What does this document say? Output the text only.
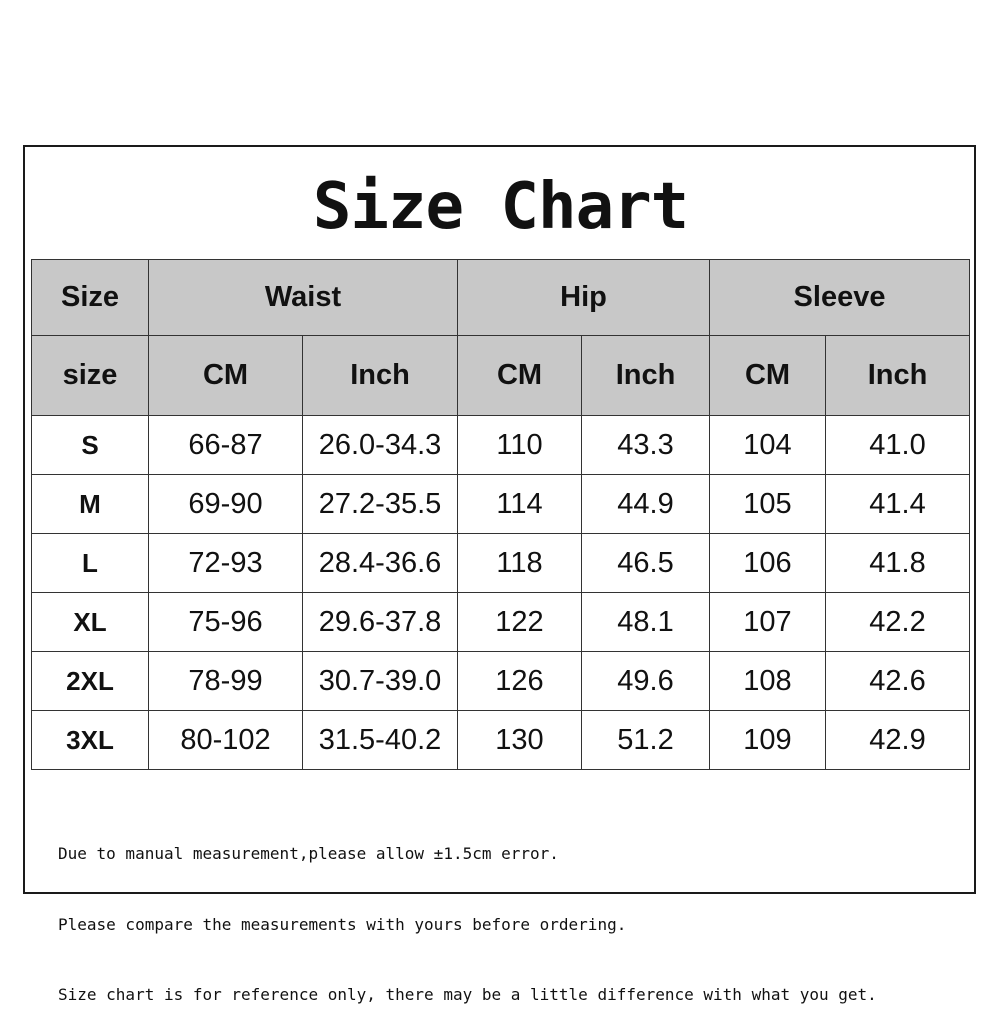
Size Chart
Size	Waist		Hip		Sleeve	
size	CM	Inch	CM	Inch	CM	Inch
S	66-87	26.0-34.3	110	43.3	104	41.0
M	69-90	27.2-35.5	114	44.9	105	41.4
L	72-93	28.4-36.6	118	46.5	106	41.8
XL	75-96	29.6-37.8	122	48.1	107	42.2
2XL	78-99	30.7-39.0	126	49.6	108	42.6
3XL	80-102	31.5-40.2	130	51.2	109	42.9

Due to manual measurement,please allow ±1.5cm error.

Please compare the measurements with yours before ordering.

Size chart is for reference only, there may be a little difference with what you get.
